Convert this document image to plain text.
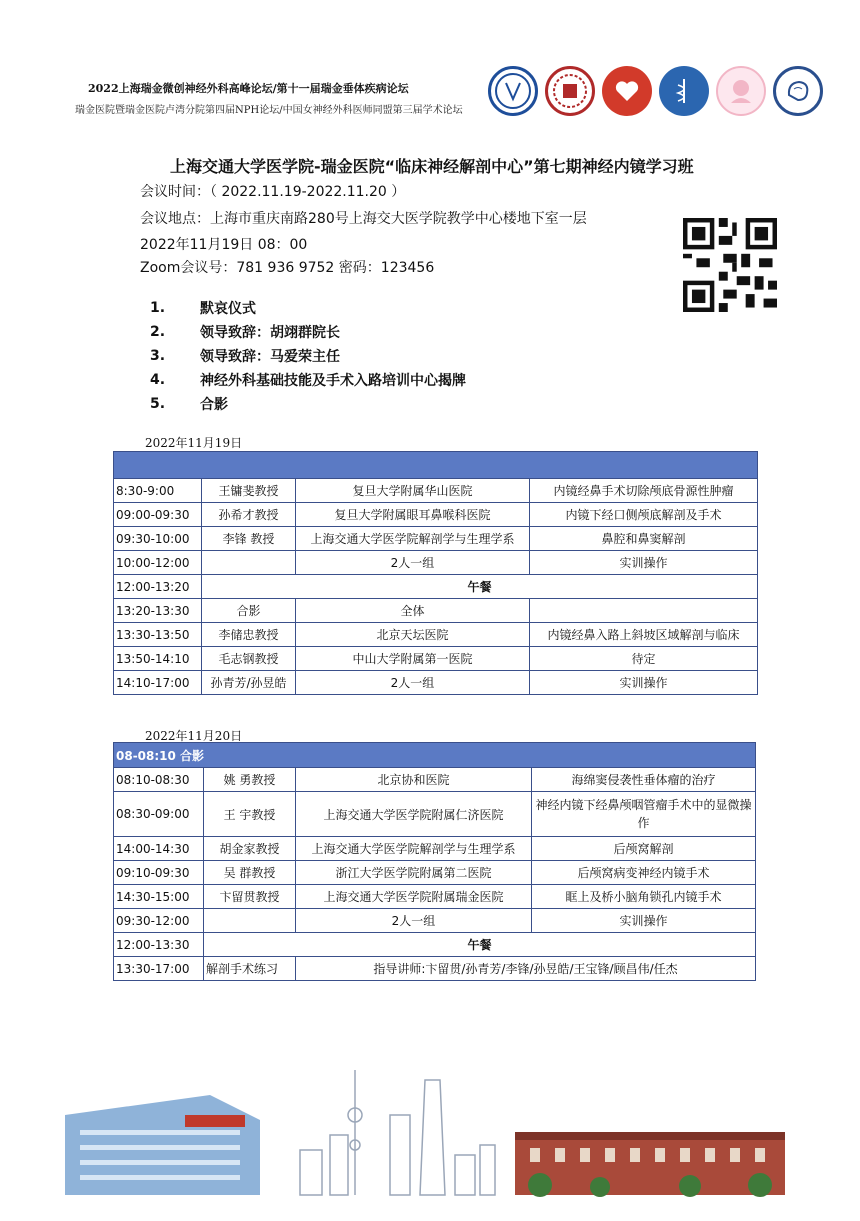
2022上海瑞金微创神经外科高峰论坛/第十一届瑞金垂体疾病论坛
瑞金医院暨瑞金医院卢湾分院第四届NPH论坛/中国女神经外科医师同盟第三届学术论坛
上海交通大学医学院-瑞金医院“临床神经解剖中心”第七期神经内镜学习班
会议时间：（ 2022.11.19-2022.11.20 ）
会议地点：上海市重庆南路280号上海交大医学院教学中心楼地下室一层
2022年11月19日 08：00
Zoom会议号：781 936 9752 密码：123456
1.	默哀仪式
2.	领导致辞：胡翊群院长
3.	领导致辞：马爱荣主任
4.	神经外科基础技能及手术入路培训中心揭牌
5.	合影
2022年11月19日

8:30-9:00	王镛斐教授	复旦大学附属华山医院	内镜经鼻手术切除颅底骨源性肿瘤
09:00-09:30	孙希才教授	复旦大学附属眼耳鼻喉科医院	内镜下经口侧颅底解剖及手术
09:30-10:00	李锋 教授	上海交通大学医学院解剖学与生理学系	鼻腔和鼻窦解剖
10:00-12:00		2人一组	实训操作
12:00-13:20	午餐		
13:20-13:30	合影	全体	
13:30-13:50	李储忠教授	北京天坛医院	内镜经鼻入路上斜坡区域解剖与临床
13:50-14:10	毛志钢教授	中山大学附属第一医院	待定
14:10-17:00	孙青芳/孙昱皓	2人一组	实训操作
2022年11月20日
08-08:10 合影			
08:10-08:30	姚 勇教授	北京协和医院	海绵窦侵袭性垂体瘤的治疗
08:30-09:00	王 宇教授	上海交通大学医学院附属仁济医院	神经内镜下经鼻颅咽管瘤手术中的显微操作
14:00-14:30	胡金家教授	上海交通大学医学院解剖学与生理学系	后颅窝解剖
09:10-09:30	吴 群教授	浙江大学医学院附属第二医院	后颅窝病变神经内镜手术
14:30-15:00	卞留贯教授	上海交通大学医学院附属瑞金医院	眶上及桥小脑角锁孔内镜手术
09:30-12:00		2人一组	实训操作
12:00-13:30	午餐		
13:30-17:00	解剖手术练习	指导讲师:卞留贯/孙青芳/李锋/孙昱皓/王宝锋/顾昌伟/任杰	
